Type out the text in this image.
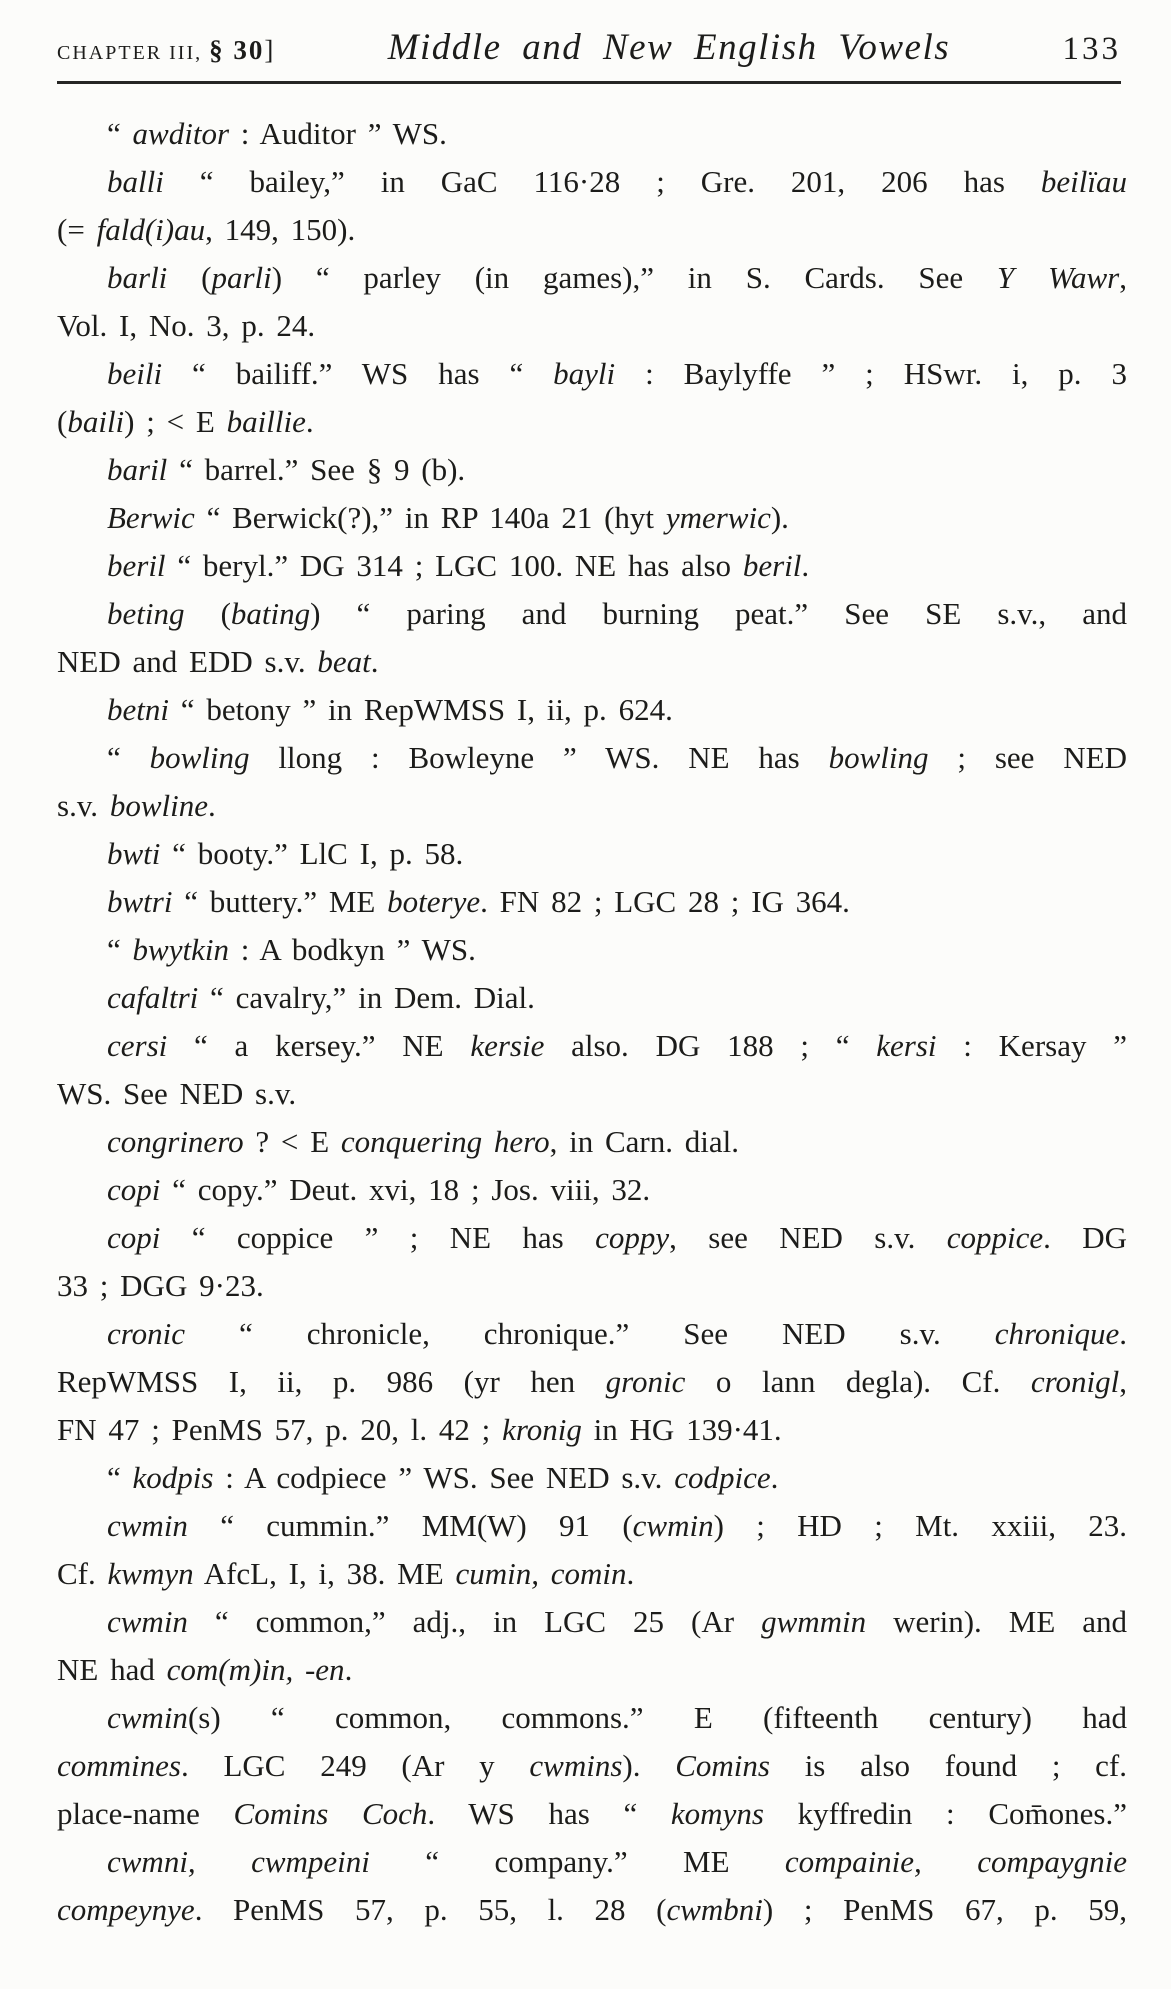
Chapter III, § 30]	Middle and New English Vowels	133
“ awditor : Auditor ” WS.
balli “ bailey,” in GaC 116·28 ; Gre. 201, 206 has beilïau
(= fald(i)au, 149, 150).
barli (parli) “ parley (in games),” in S. Cards. See Y Wawr,
Vol. I, No. 3, p. 24.
beili “ bailiff.” WS has “ bayli : Baylyffe ” ; HSwr. i, p. 3
(baili) ; < E baillie.
baril “ barrel.” See § 9 (b).
Berwic “ Berwick(?),” in RP 140a 21 (hyt ymerwic).
beril “ beryl.” DG 314 ; LGC 100. NE has also beril.
beting (bating) “ paring and burning peat.” See SE s.v., and
NED and EDD s.v. beat.
betni “ betony ” in RepWMSS I, ii, p. 624.
“ bowling llong : Bowleyne ” WS. NE has bowling ; see NED
s.v. bowline.
bwti “ booty.” LlC I, p. 58.
bwtri “ buttery.” ME boterye. FN 82 ; LGC 28 ; IG 364.
“ bwytkin : A bodkyn ” WS.
cafaltri “ cavalry,” in Dem. Dial.
cersi “ a kersey.” NE kersie also. DG 188 ; “ kersi : Kersay ”
WS. See NED s.v.
congrinero ? < E conquering hero, in Carn. dial.
copi “ copy.” Deut. xvi, 18 ; Jos. viii, 32.
copi “ coppice ” ; NE has coppy, see NED s.v. coppice. DG
33 ; DGG 9·23.
cronic “ chronicle, chronique.” See NED s.v. chronique.
RepWMSS I, ii, p. 986 (yr hen gronic o lann degla). Cf. cronigl,
FN 47 ; PenMS 57, p. 20, l. 42 ; kronig in HG 139·41.
“ kodpis : A codpiece ” WS. See NED s.v. codpice.
cwmin “ cummin.” MM(W) 91 (cwmin) ; HD ; Mt. xxiii, 23.
Cf. kwmyn AfcL, I, i, 38. ME cumin, comin.
cwmin “ common,” adj., in LGC 25 (Ar gwmmin werin). ME and
NE had com(m)in, -en.
cwmin(s) “ common, commons.” E (fifteenth century) had
commines. LGC 249 (Ar y cwmins). Comins is also found ; cf.
place-name Comins Coch. WS has “ komyns kyffredin : Com̄ones.”
cwmni, cwmpeini “ company.” ME compainie, compaygnie
compeynye. PenMS 57, p. 55, l. 28 (cwmbni) ; PenMS 67, p. 59,
